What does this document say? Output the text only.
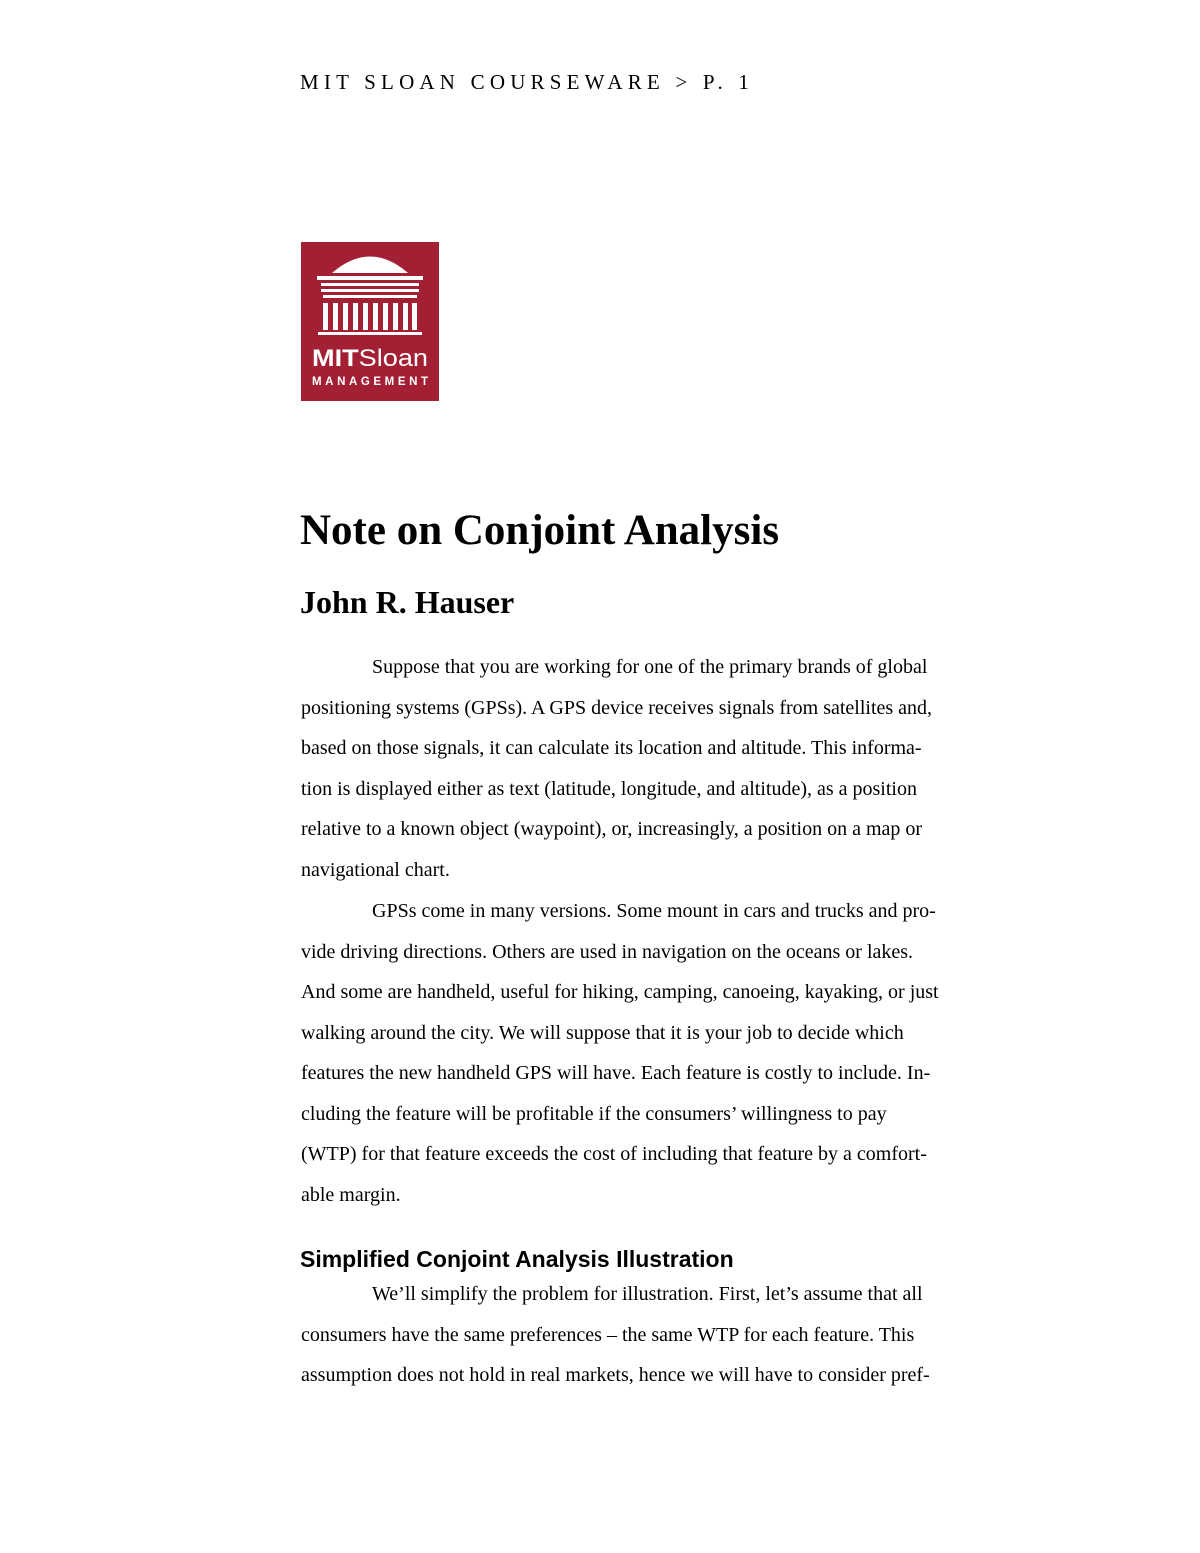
MIT SLOAN COURSEWARE > P. 1
MIT Sloan
MANAGEMENT
Note on Conjoint Analysis
John R. Hauser

Suppose that you are working for one of the primary brands of global
positioning systems (GPSs). A GPS device receives signals from satellites and,
based on those signals, it can calculate its location and altitude. This informa-
tion is displayed either as text (latitude, longitude, and altitude), as a position
relative to a known object (waypoint), or, increasingly, a position on a map or
navigational chart.

GPSs come in many versions. Some mount in cars and trucks and pro-
vide driving directions. Others are used in navigation on the oceans or lakes.
And some are handheld, useful for hiking, camping, canoeing, kayaking, or just
walking around the city. We will suppose that it is your job to decide which
features the new handheld GPS will have. Each feature is costly to include. In-
cluding the feature will be profitable if the consumers’ willingness to pay
(WTP) for that feature exceeds the cost of including that feature by a comfort-
able margin.

Simplified Conjoint Analysis Illustration

We’ll simplify the problem for illustration. First, let’s assume that all
consumers have the same preferences – the same WTP for each feature. This
assumption does not hold in real markets, hence we will have to consider pref-
